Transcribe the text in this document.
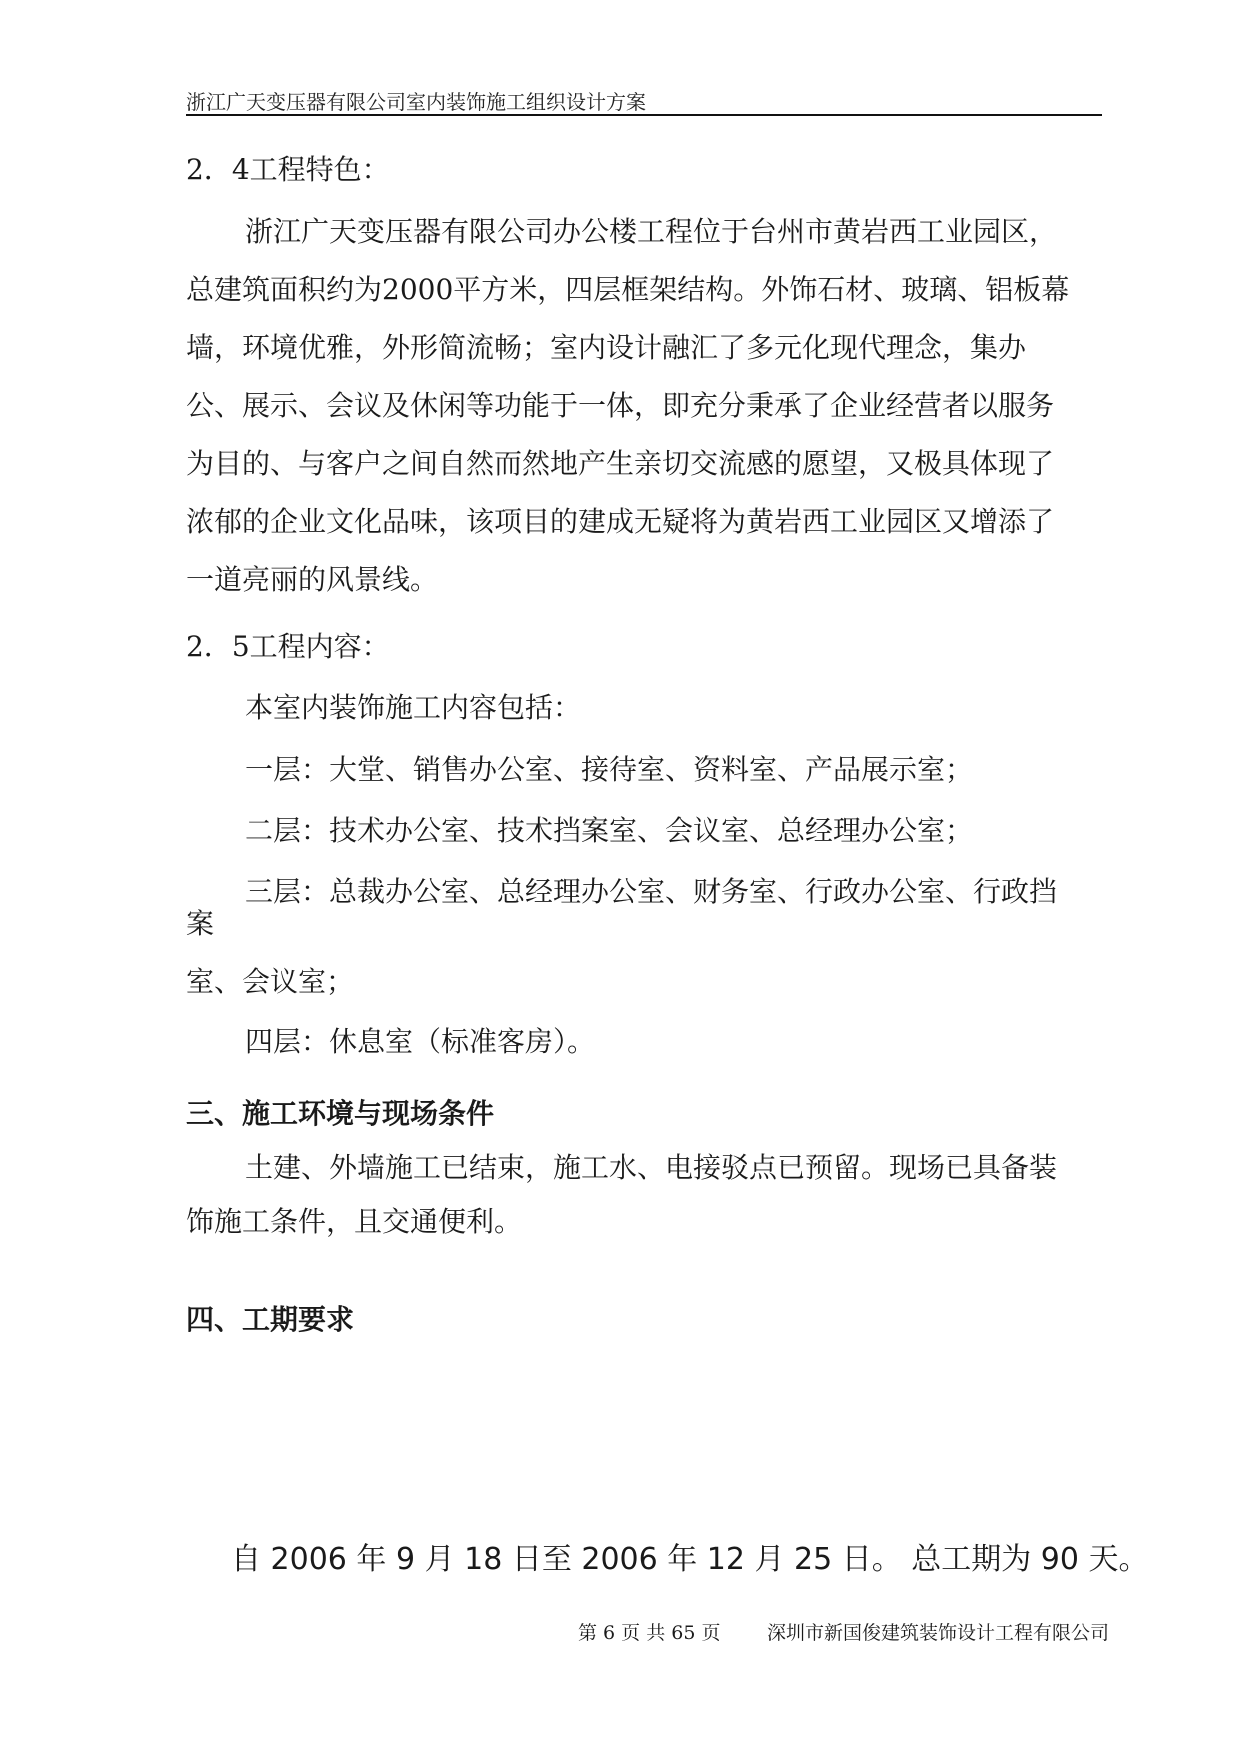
浙江广天变压器有限公司室内装饰施工组织设计方案
2．4工程特色：
浙江广天变压器有限公司办公楼工程位于台州市黄岩西工业园区，
总建筑面积约为2000平方米，四层框架结构。外饰石材、玻璃、铝板幕
墙，环境优雅，外形简流畅；室内设计融汇了多元化现代理念，集办
公、展示、会议及休闲等功能于一体，即充分秉承了企业经营者以服务
为目的、与客户之间自然而然地产生亲切交流感的愿望，又极具体现了
浓郁的企业文化品味，该项目的建成无疑将为黄岩西工业园区又增添了
一道亮丽的风景线。
2．5工程内容：
本室内装饰施工内容包括：
一层：大堂、销售办公室、接待室、资料室、产品展示室；
二层：技术办公室、技术挡案室、会议室、总经理办公室；
三层：总裁办公室、总经理办公室、财务室、行政办公室、行政挡
案
室、会议室；
四层：休息室（标准客房）。
三、施工环境与现场条件
土建、外墙施工已结束，施工水、电接驳点已预留。现场已具备装
饰施工条件，且交通便利。
四、工期要求
自 2006 年 9 月 18 日至 2006 年 12 月 25 日。 总工期为 90 天。
第 6 页 共 65 页 深圳市新国俊建筑装饰设计工程有限公司
